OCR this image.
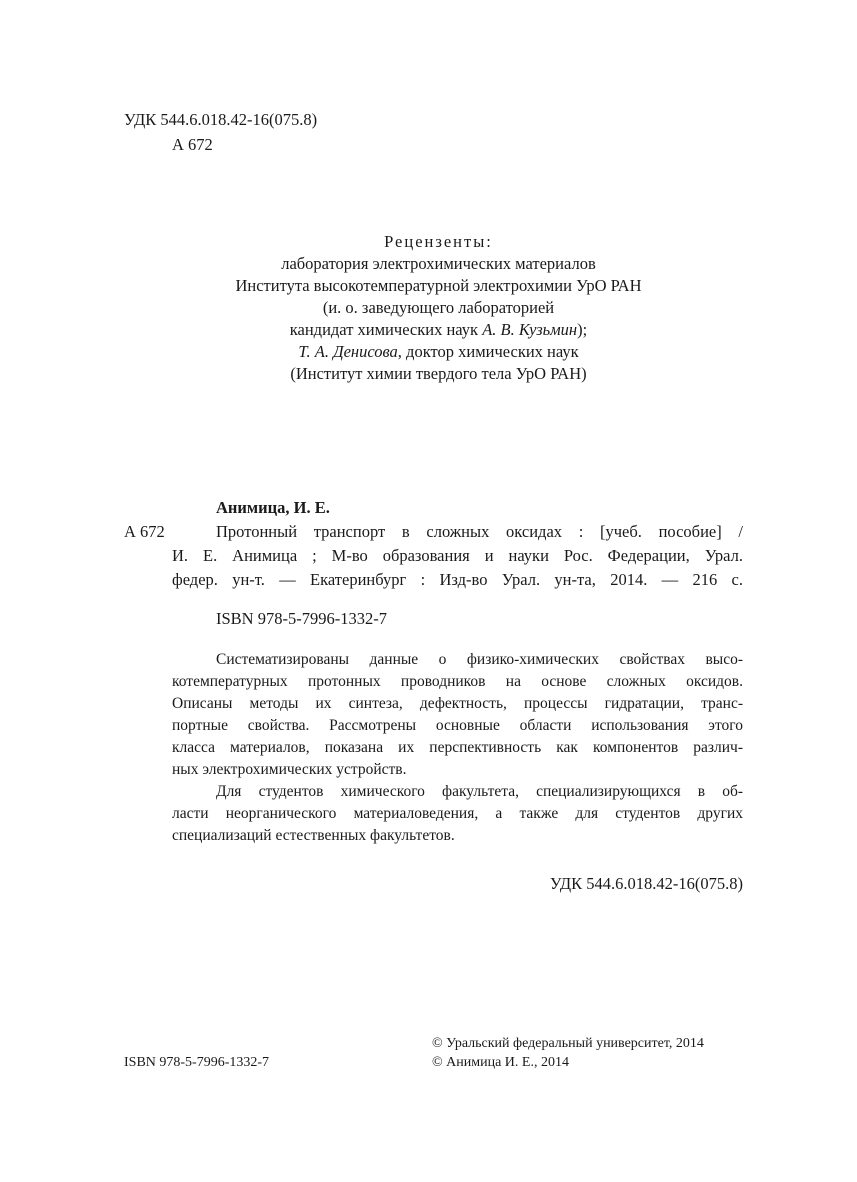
УДК 544.6.018.42-16(075.8)
А 672
Рецензенты:
лаборатория электрохимических материалов
Института высокотемпературной электрохимии УрО РАН
(и. о. заведующего лабораторией
кандидат химических наук А. В. Кузьмин);
Т. А. Денисова, доктор химических наук
(Институт химии твердого тела УрО РАН)
Анимица, И. Е.
А 672	Протонный транспорт в сложных оксидах : [учеб. пособие] /
И. Е. Анимица ; М-во образования и науки Рос. Федерации, Урал.
федер. ун-т. — Екатеринбург : Изд-во Урал. ун-та, 2014. — 216 с.
ISBN 978-5-7996-1332-7
Систематизированы данные о физико-химических свойствах высо-
котемпературных протонных проводников на основе сложных оксидов.
Описаны методы их синтеза, дефектность, процессы гидратации, транс-
портные свойства. Рассмотрены основные области использования этого
класса материалов, показана их перспективность как компонентов различ-
ных электрохимических устройств.
Для студентов химического факультета, специализирующихся в об-
ласти неорганического материаловедения, а также для студентов других
специализаций естественных факультетов.
УДК 544.6.018.42-16(075.8)
ISBN 978-5-7996-1332-7
© Уральский федеральный университет, 2014
© Анимица И. Е., 2014
